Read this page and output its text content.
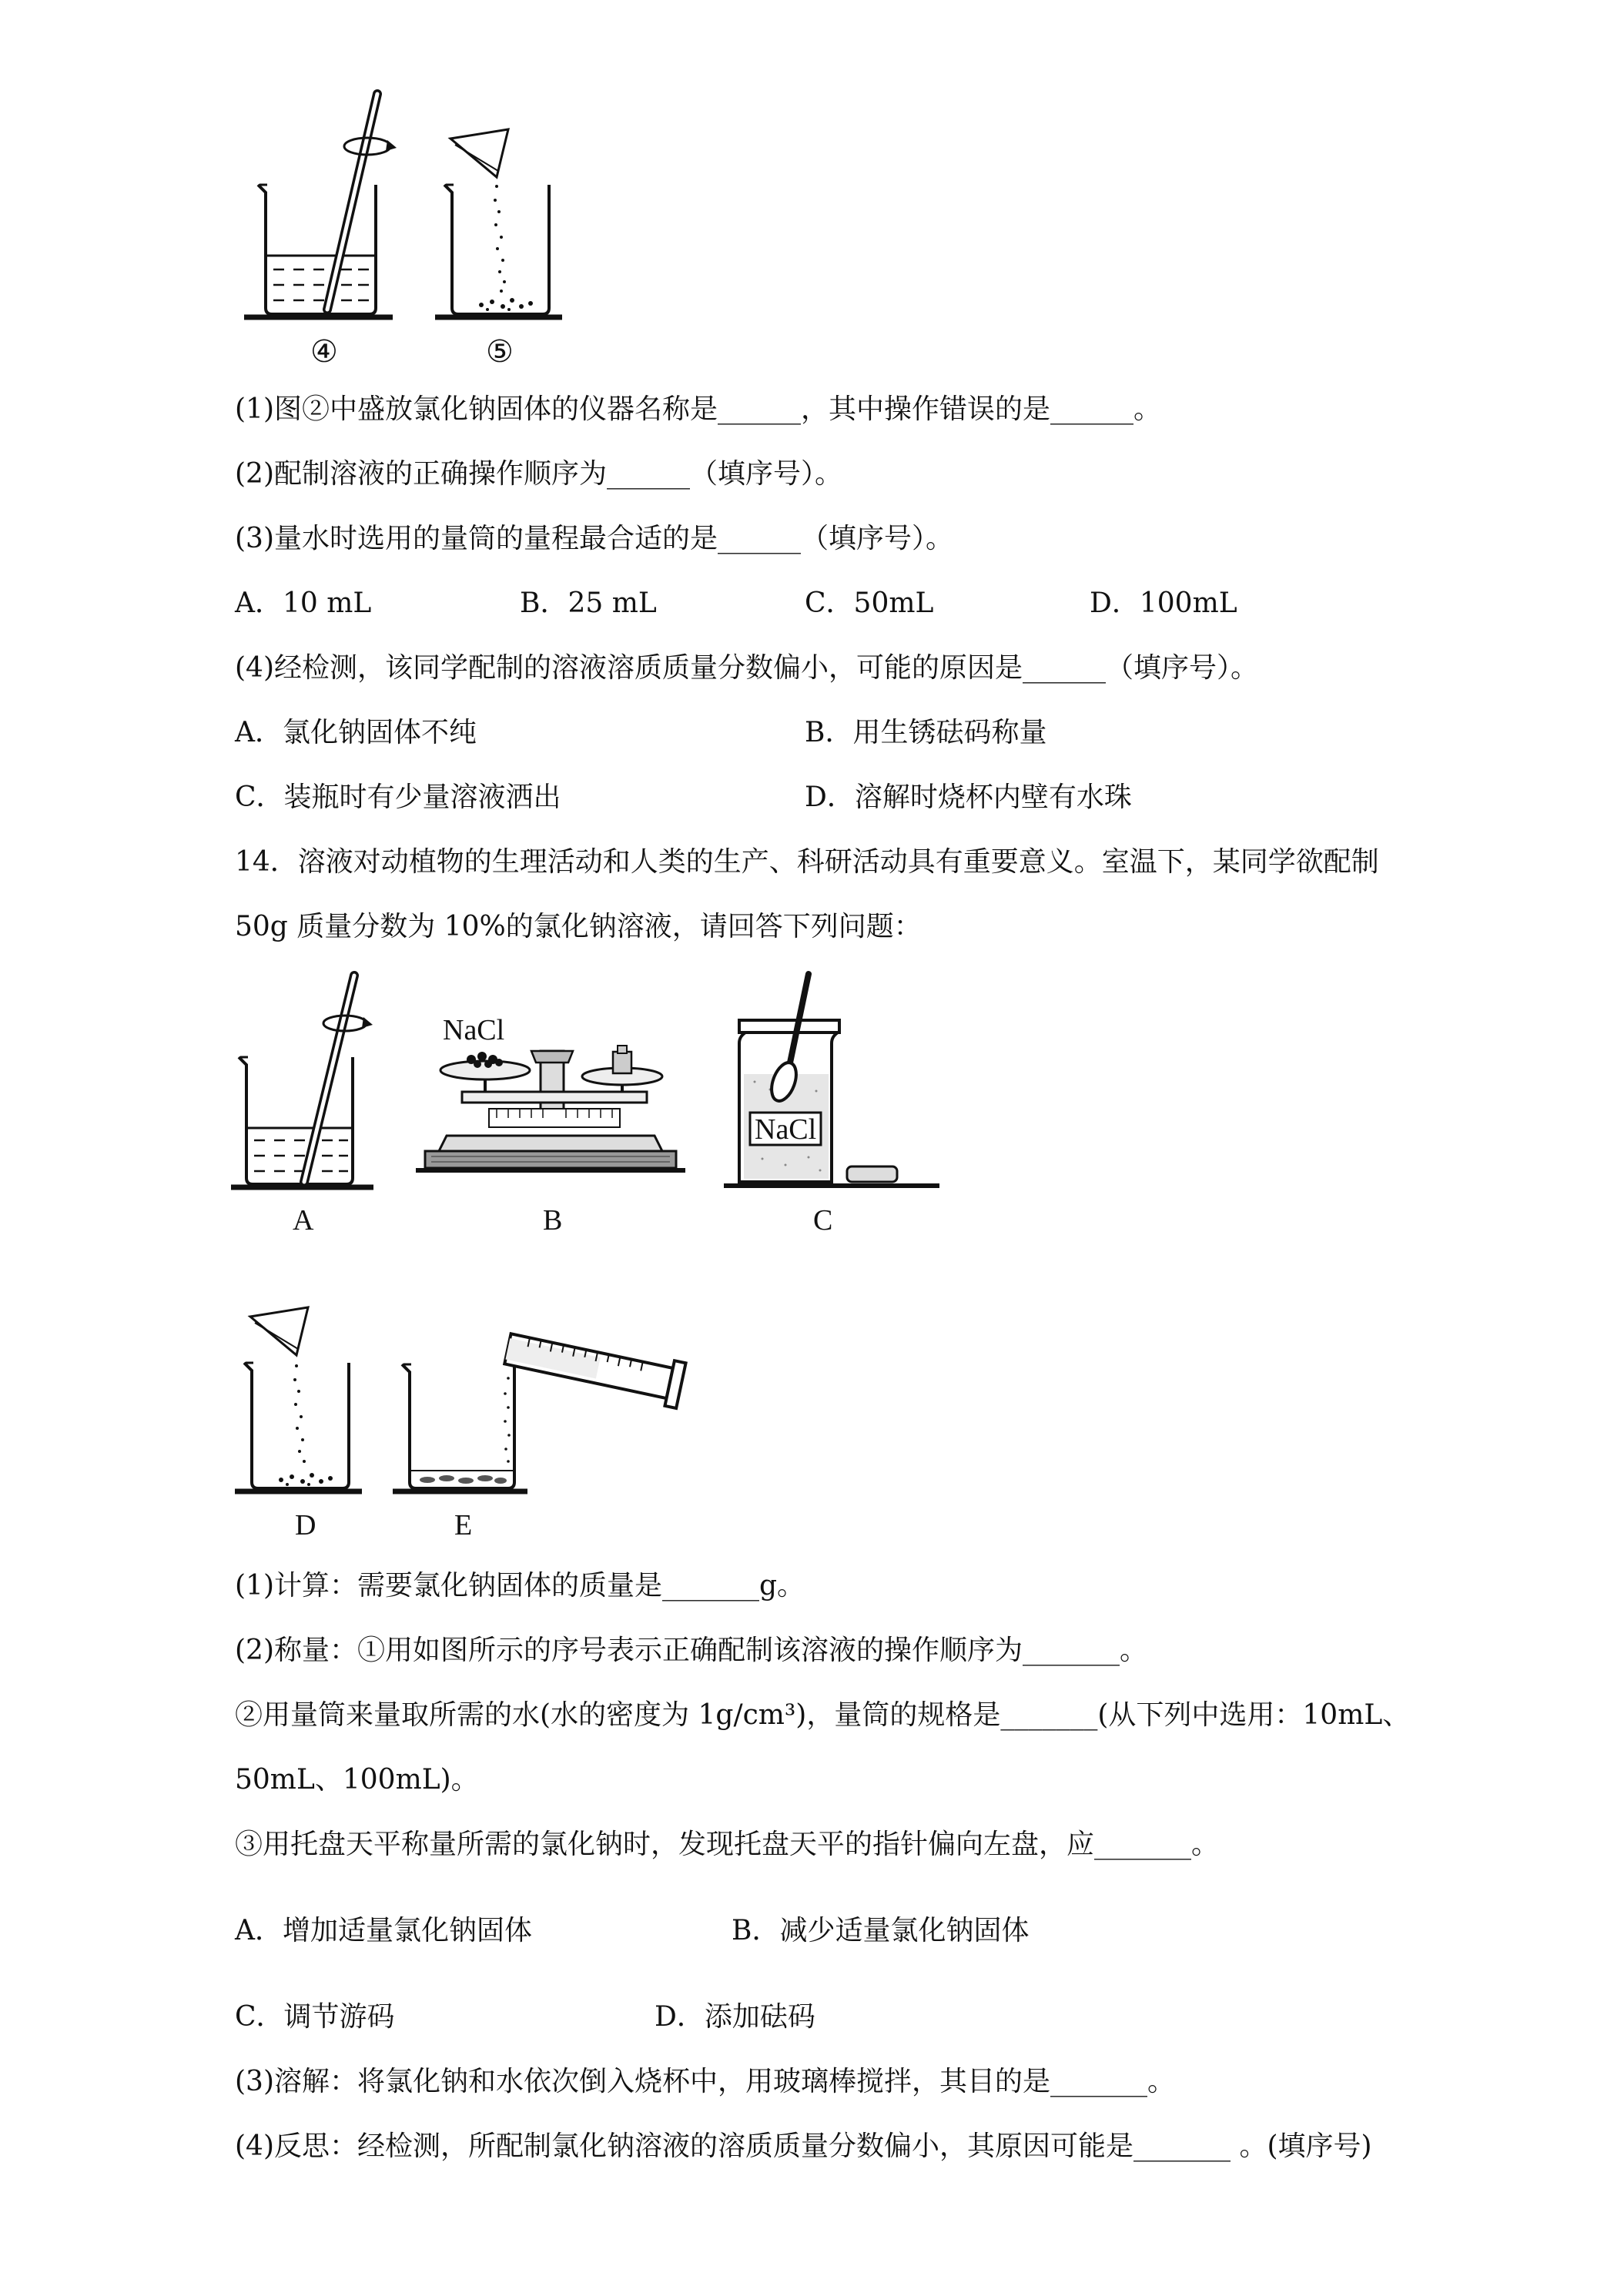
④	⑤
(1)图②中盛放氯化钠固体的仪器名称是______，其中操作错误的是______。
(2)配制溶液的正确操作顺序为______（填序号）。
(3)量水时选用的量筒的量程最合适的是______（填序号）。
A．10 mL	B．25 mL	C．50mL	D．100mL
(4)经检测，该同学配制的溶液溶质质量分数偏小，可能的原因是______（填序号）。
A．氯化钠固体不纯	B．用生锈砝码称量
C．装瓶时有少量溶液洒出	D．溶解时烧杯内壁有水珠
14．溶液对动植物的生理活动和人类的生产、科研活动具有重要意义。室温下，某同学欲配制
50g 质量分数为 10%的氯化钠溶液，请回答下列问题：
A
NaCl
B
NaCl
C
D	E
(1)计算：需要氯化钠固体的质量是_______g。
(2)称量：①用如图所示的序号表示正确配制该溶液的操作顺序为_______。
②用量筒来量取所需的水(水的密度为 1g/cm³)，量筒的规格是_______(从下列中选用：10mL、
50mL、100mL)。
③用托盘天平称量所需的氯化钠时，发现托盘天平的指针偏向左盘，应_______。
A．增加适量氯化钠固体	B．减少适量氯化钠固体
C．调节游码	D．添加砝码
(3)溶解：将氯化钠和水依次倒入烧杯中，用玻璃棒搅拌，其目的是_______。
(4)反思：经检测，所配制氯化钠溶液的溶质质量分数偏小，其原因可能是_______ 。(填序号)
